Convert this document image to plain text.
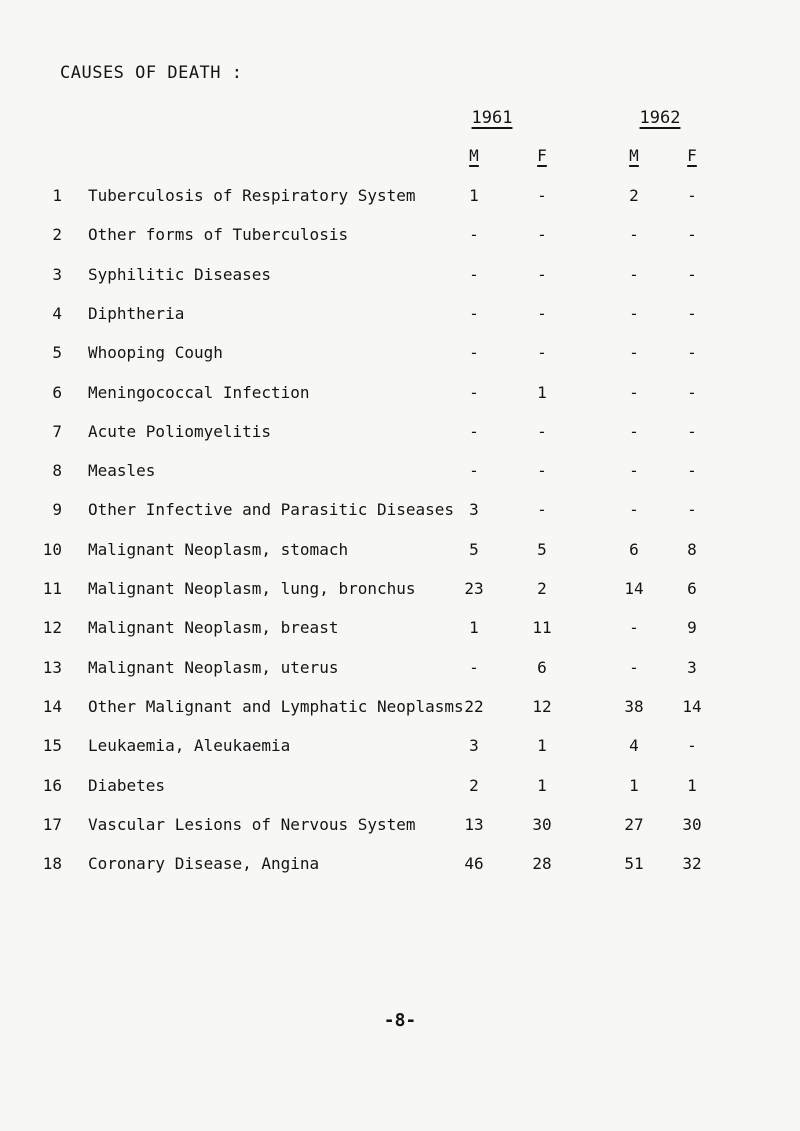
CAUSES OF DEATH :
1961	1962
M	F	M	F
1 Tuberculosis of Respiratory System	1	-	2	-
2 Other forms of Tuberculosis	-	-	-	-
3 Syphilitic Diseases	-	-	-	-
4 Diphtheria	-	-	-	-
5 Whooping Cough	-	-	-	-
6 Meningococcal Infection	-	1	-	-
7 Acute Poliomyelitis	-	-	-	-
8 Measles	-	-	-	-
9 Other Infective and Parasitic Diseases 3	-	-	-
10 Malignant Neoplasm, stomach	5	5	6	8
11 Malignant Neoplasm, lung, bronchus	23	2	14	6
12 Malignant Neoplasm, breast	1	11	-	9
13 Malignant Neoplasm, uterus	-	6	-	3
14 Other Malignant and Lymphatic Neoplasms 22	12	38	14
15 Leukaemia, Aleukaemia	3	1	4	-
16 Diabetes	2	1	1	1
17 Vascular Lesions of Nervous System	13	30	27	30
18 Coronary Disease, Angina	46	28	51	32
-8-
